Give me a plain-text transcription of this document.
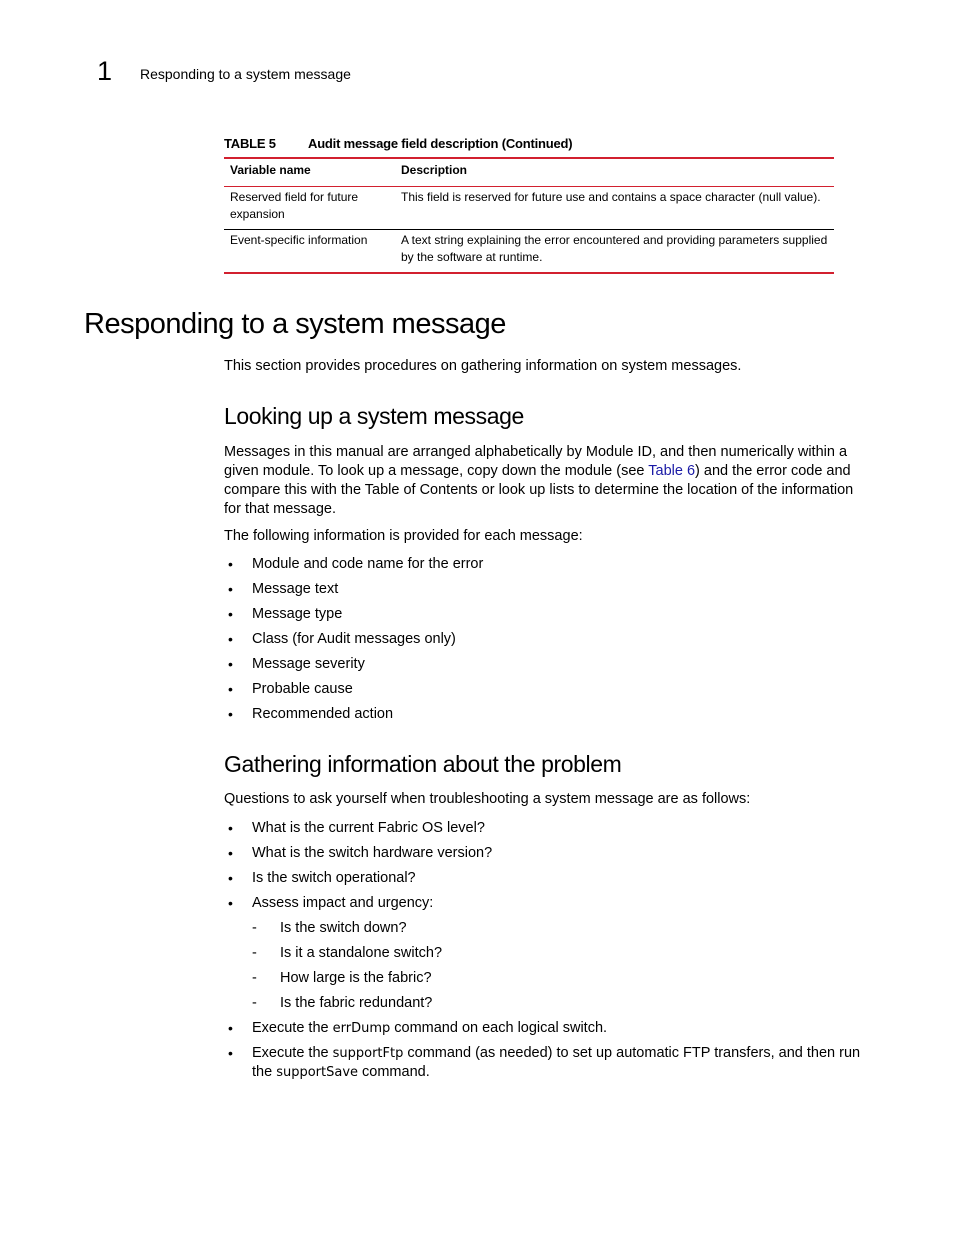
1 Responding to a system message
TABLE 5 Audit message field description (Continued)
Variable name	Description
Reserved field for future expansion	This field is reserved for future use and contains a space character (null value).
Event-specific information	A text string explaining the error encountered and providing parameters supplied by the software at runtime.
Responding to a system message

This section provides procedures on gathering information on system messages.

Looking up a system message

Messages in this manual are arranged alphabetically by Module ID, and then numerically within a given module. To look up a message, copy down the module (see Table 6) and the error code and compare this with the Table of Contents or look up lists to determine the location of the information for that message.

The following information is provided for each message:

• Module and code name for the error
• Message text
• Message type
• Class (for Audit messages only)
• Message severity
• Probable cause
• Recommended action
Gathering information about the problem

Questions to ask yourself when troubleshooting a system message are as follows:

• What is the current Fabric OS level?
• What is the switch hardware version?
• Is the switch operational?
• Assess impact and urgency:
- Is the switch down?
- Is it a standalone switch?
- How large is the fabric?
- Is the fabric redundant?
• Execute the errDump command on each logical switch.
• Execute the supportFtp command (as needed) to set up automatic FTP transfers, and then run the supportSave command.
